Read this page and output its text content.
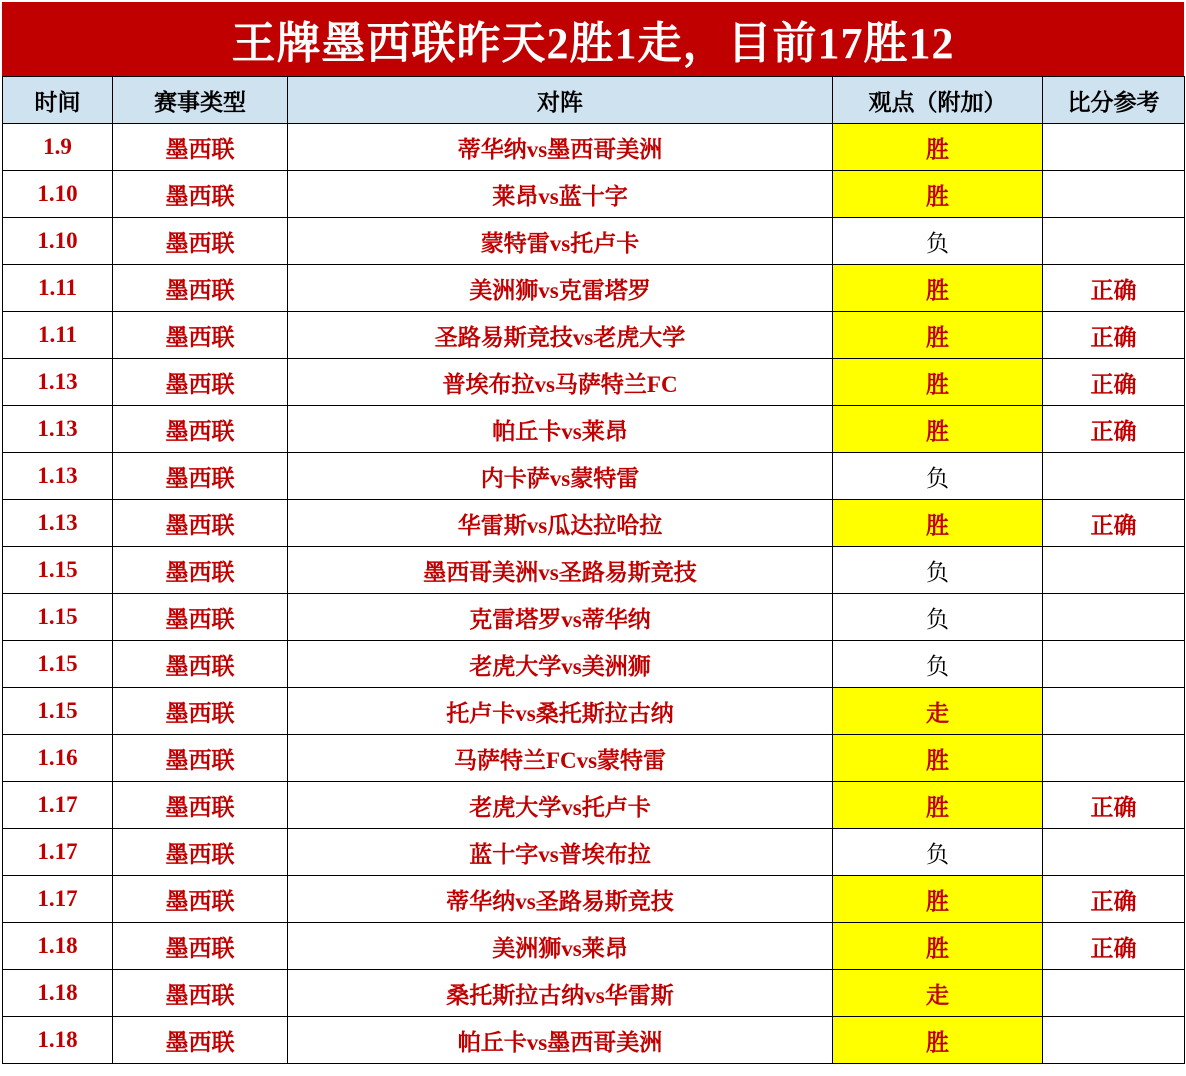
王牌墨西联昨天2胜1走，目前17胜12
时间	赛事类型	对阵	观点（附加）	比分参考
1.9	墨西联	蒂华纳vs墨西哥美洲	胜	
1.10	墨西联	莱昂vs蓝十字	胜	
1.10	墨西联	蒙特雷vs托卢卡	负	
1.11	墨西联	美洲狮vs克雷塔罗	胜	正确
1.11	墨西联	圣路易斯竞技vs老虎大学	胜	正确
1.13	墨西联	普埃布拉vs马萨特兰FC	胜	正确
1.13	墨西联	帕丘卡vs莱昂	胜	正确
1.13	墨西联	内卡萨vs蒙特雷	负	
1.13	墨西联	华雷斯vs瓜达拉哈拉	胜	正确
1.15	墨西联	墨西哥美洲vs圣路易斯竞技	负	
1.15	墨西联	克雷塔罗vs蒂华纳	负	
1.15	墨西联	老虎大学vs美洲狮	负	
1.15	墨西联	托卢卡vs桑托斯拉古纳	走	
1.16	墨西联	马萨特兰FCvs蒙特雷	胜	
1.17	墨西联	老虎大学vs托卢卡	胜	正确
1.17	墨西联	蓝十字vs普埃布拉	负	
1.17	墨西联	蒂华纳vs圣路易斯竞技	胜	正确
1.18	墨西联	美洲狮vs莱昂	胜	正确
1.18	墨西联	桑托斯拉古纳vs华雷斯	走	
1.18	墨西联	帕丘卡vs墨西哥美洲	胜	
